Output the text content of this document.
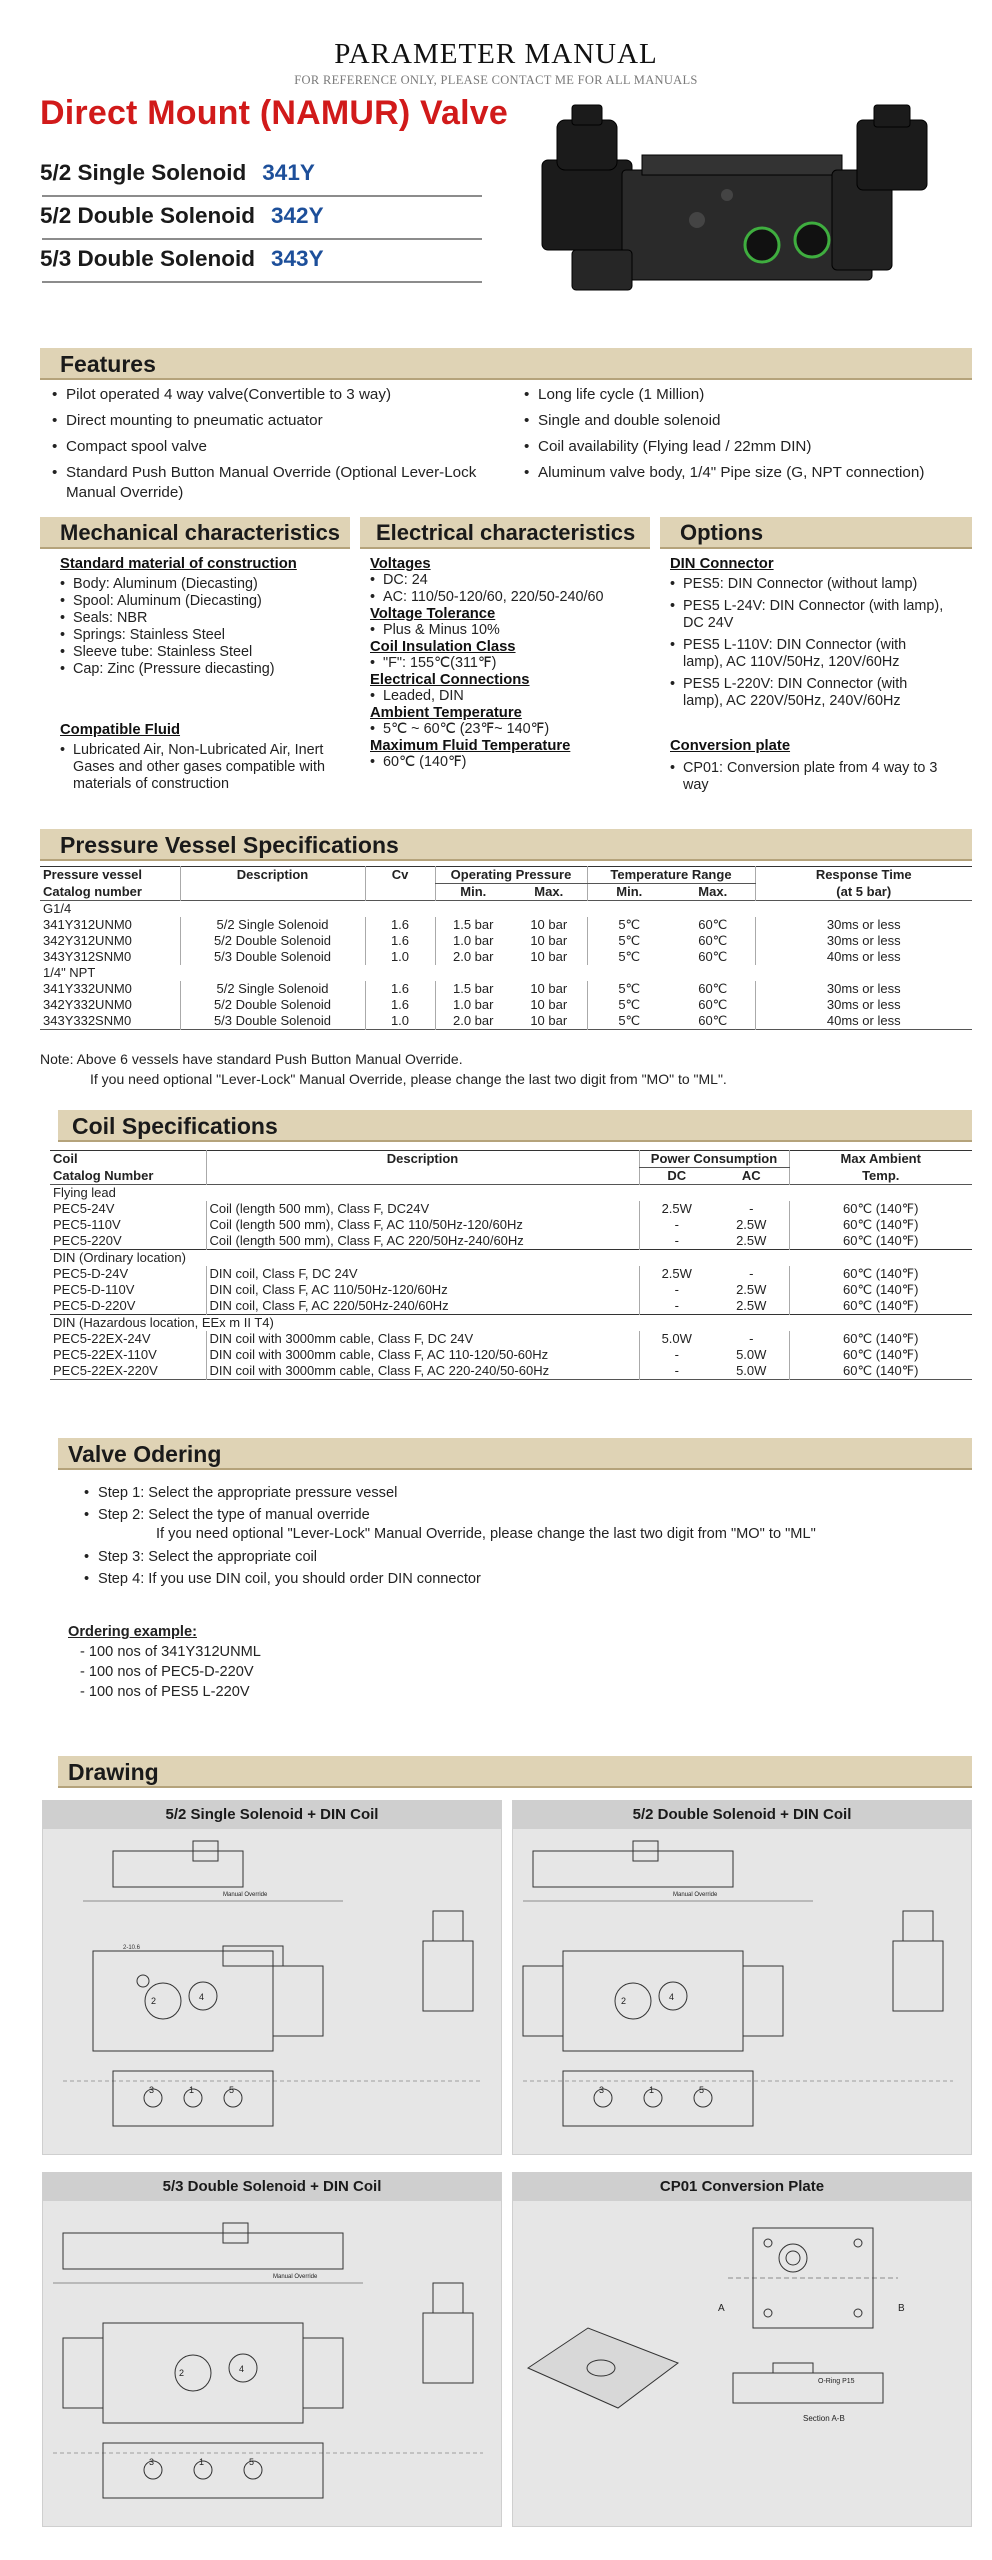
PARAMETER MANUAL
FOR REFERENCE ONLY, PLEASE CONTACT ME FOR ALL MANUALS
Direct Mount (NAMUR) Valve
5/2 Single Solenoid 341Y
5/2 Double Solenoid 342Y
5/3 Double Solenoid 343Y
Features
• Pilot operated 4 way valve(Convertible to 3 way)
• Direct mounting to pneumatic actuator
• Compact spool valve
• Standard Push Button Manual Override (Optional Lever-Lock Manual Override)
• Long life cycle (1 Million)
• Single and double solenoid
• Coil availability (Flying lead / 22mm DIN)
• Aluminum valve body, 1/4" Pipe size (G, NPT connection)
Mechanical characteristics Electrical characteristics Options
Standard material of construction
• Body: Aluminum (Diecasting)
• Spool: Aluminum (Diecasting)
• Seals: NBR
• Springs: Stainless Steel
• Sleeve tube: Stainless Steel
• Cap: Zinc (Pressure diecasting)
Compatible Fluid
• Lubricated Air, Non-Lubricated Air, Inert Gases and other gases compatible with materials of construction
Voltages
• DC: 24
• AC: 110/50-120/60, 220/50-240/60
Voltage Tolerance
• Plus & Minus 10%
Coil Insulation Class
• "F": 155℃(311℉)
Electrical Connections
• Leaded, DIN
Ambient Temperature
• 5℃ ~ 60℃ (23℉~ 140℉)
Maximum Fluid Temperature
• 60℃ (140℉)
DIN Connector
• PES5: DIN Connector (without lamp)
• PES5 L-24V: DIN Connector (with lamp), DC 24V
• PES5 L-110V: DIN Connector (with lamp), AC 110V/50Hz, 120V/60Hz
• PES5 L-220V: DIN Connector (with lamp), AC 220V/50Hz, 240V/60Hz
Conversion plate
• CP01: Conversion plate from 4 way to 3 way
Pressure Vessel Specifications
Pressure vessel	Description	Cv	Operating Pressure		Temperature Range		Response Time
Catalog number			Min.	Max.	Min.	Max.	(at 5 bar)
G1/4							
341Y312UNM0	5/2 Single Solenoid	1.6	1.5 bar	10 bar	5℃	60℃	30ms or less
342Y312UNM0	5/2 Double Solenoid	1.6	1.0 bar	10 bar	5℃	60℃	30ms or less
343Y312SNM0	5/3 Double Solenoid	1.0	2.0 bar	10 bar	5℃	60℃	40ms or less
1/4" NPT							
341Y332UNM0	5/2 Single Solenoid	1.6	1.5 bar	10 bar	5℃	60℃	30ms or less
342Y332UNM0	5/2 Double Solenoid	1.6	1.0 bar	10 bar	5℃	60℃	30ms or less
343Y332SNM0	5/3 Double Solenoid	1.0	2.0 bar	10 bar	5℃	60℃	40ms or less
Note: Above 6 vessels have standard Push Button Manual Override.
If you need optional "Lever-Lock" Manual Override, please change the last two digit from "MO" to "ML".
Coil Specifications
Coil	Description	Power Consumption		Max Ambient
Catalog Number		DC	AC	Temp.
Flying lead				
PEC5-24V	Coil (length 500 mm), Class F, DC24V	2.5W	-	60℃ (140℉)
PEC5-110V	Coil (length 500 mm), Class F, AC 110/50Hz-120/60Hz	-	2.5W	60℃ (140℉)
PEC5-220V	Coil (length 500 mm), Class F, AC 220/50Hz-240/60Hz	-	2.5W	60℃ (140℉)
DIN (Ordinary location)				
PEC5-D-24V	DIN coil, Class F, DC 24V	2.5W	-	60℃ (140℉)
PEC5-D-110V	DIN coil, Class F, AC 110/50Hz-120/60Hz	-	2.5W	60℃ (140℉)
PEC5-D-220V	DIN coil, Class F, AC 220/50Hz-240/60Hz	-	2.5W	60℃ (140℉)
DIN (Hazardous location, EEx m II T4)				
PEC5-22EX-24V	DIN coil with 3000mm cable, Class F, DC 24V	5.0W	-	60℃ (140℉)
PEC5-22EX-110V	DIN coil with 3000mm cable, Class F, AC 110-120/50-60Hz	-	5.0W	60℃ (140℉)
PEC5-22EX-220V	DIN coil with 3000mm cable, Class F, AC 220-240/50-60Hz	-	5.0W	60℃ (140℉)
Valve Odering
• Step 1: Select the appropriate pressure vessel
• Step 2: Select the type of manual override
If you need optional "Lever-Lock" Manual Override, please change the last two digit from "MO" to "ML"
• Step 3: Select the appropriate coil
• Step 4: If you use DIN coil, you should order DIN connector
Ordering example:
- 100 nos of 341Y312UNML
- 100 nos of PEC5-D-220V
- 100 nos of PES5 L-220V
Drawing
5/2 Single Solenoid + DIN Coil
2-10.6
2	4
3	1	5
Manual Override
5/2 Double Solenoid + DIN Coil
2	4
3	1	5
Manual Override
5/3 Double Solenoid + DIN Coil
2	4
3	1	5
Manual Override
CP01 Conversion Plate
A	B
O-Ring P15
Section A-B
